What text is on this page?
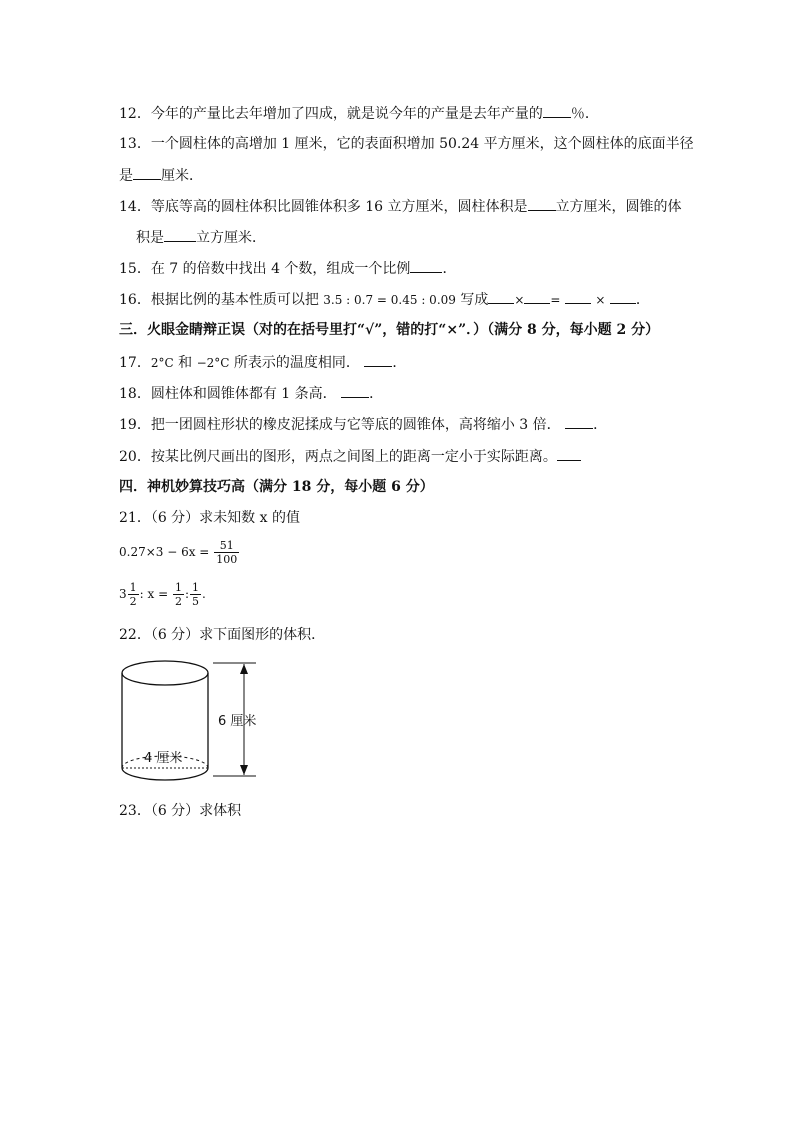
12．今年的产量比去年增加了四成，就是说今年的产量是去年产量的 ％．
13．一个圆柱体的高增加 1 厘米，它的表面积增加 50.24 平方厘米，这个圆柱体的底面半径
是 厘米．
14．等底等高的圆柱体积比圆锥体积多 16 立方厘米，圆柱体积是 立方厘米，圆锥的体
积是 立方厘米．
15．在 7 的倍数中找出 4 个数，组成一个比例 ．
16．根据比例的基本性质可以把 3.5 : 0.7 = 0.45 : 0.09 写成 × =	× ．
三．火眼金睛辩正误（对的在括号里打“√”，错的打“×”．）（满分 8 分，每小题 2 分）
17．2°C 和 −2°C 所表示的温度相同． ．
18．圆柱体和圆锥体都有 1 条高． ．
19．把一团圆柱形状的橡皮泥揉成与它等底的圆锥体，高将缩小 3 倍． ．
20．按某比例尺画出的图形，两点之间图上的距离一定小于实际距离。
四．神机妙算技巧高（满分 18 分，每小题 6 分）
21．（6 分）求未知数 x 的值
$0.27\times 3 - 6x = \frac{51}{100}$
$3 \frac{1}{2}$ : $x = \frac{1}{2}$ : $\frac{1}{5}$ .
22．（6 分）求下面图形的体积．
6 厘米
4 厘米
23．（6 分）求体积
